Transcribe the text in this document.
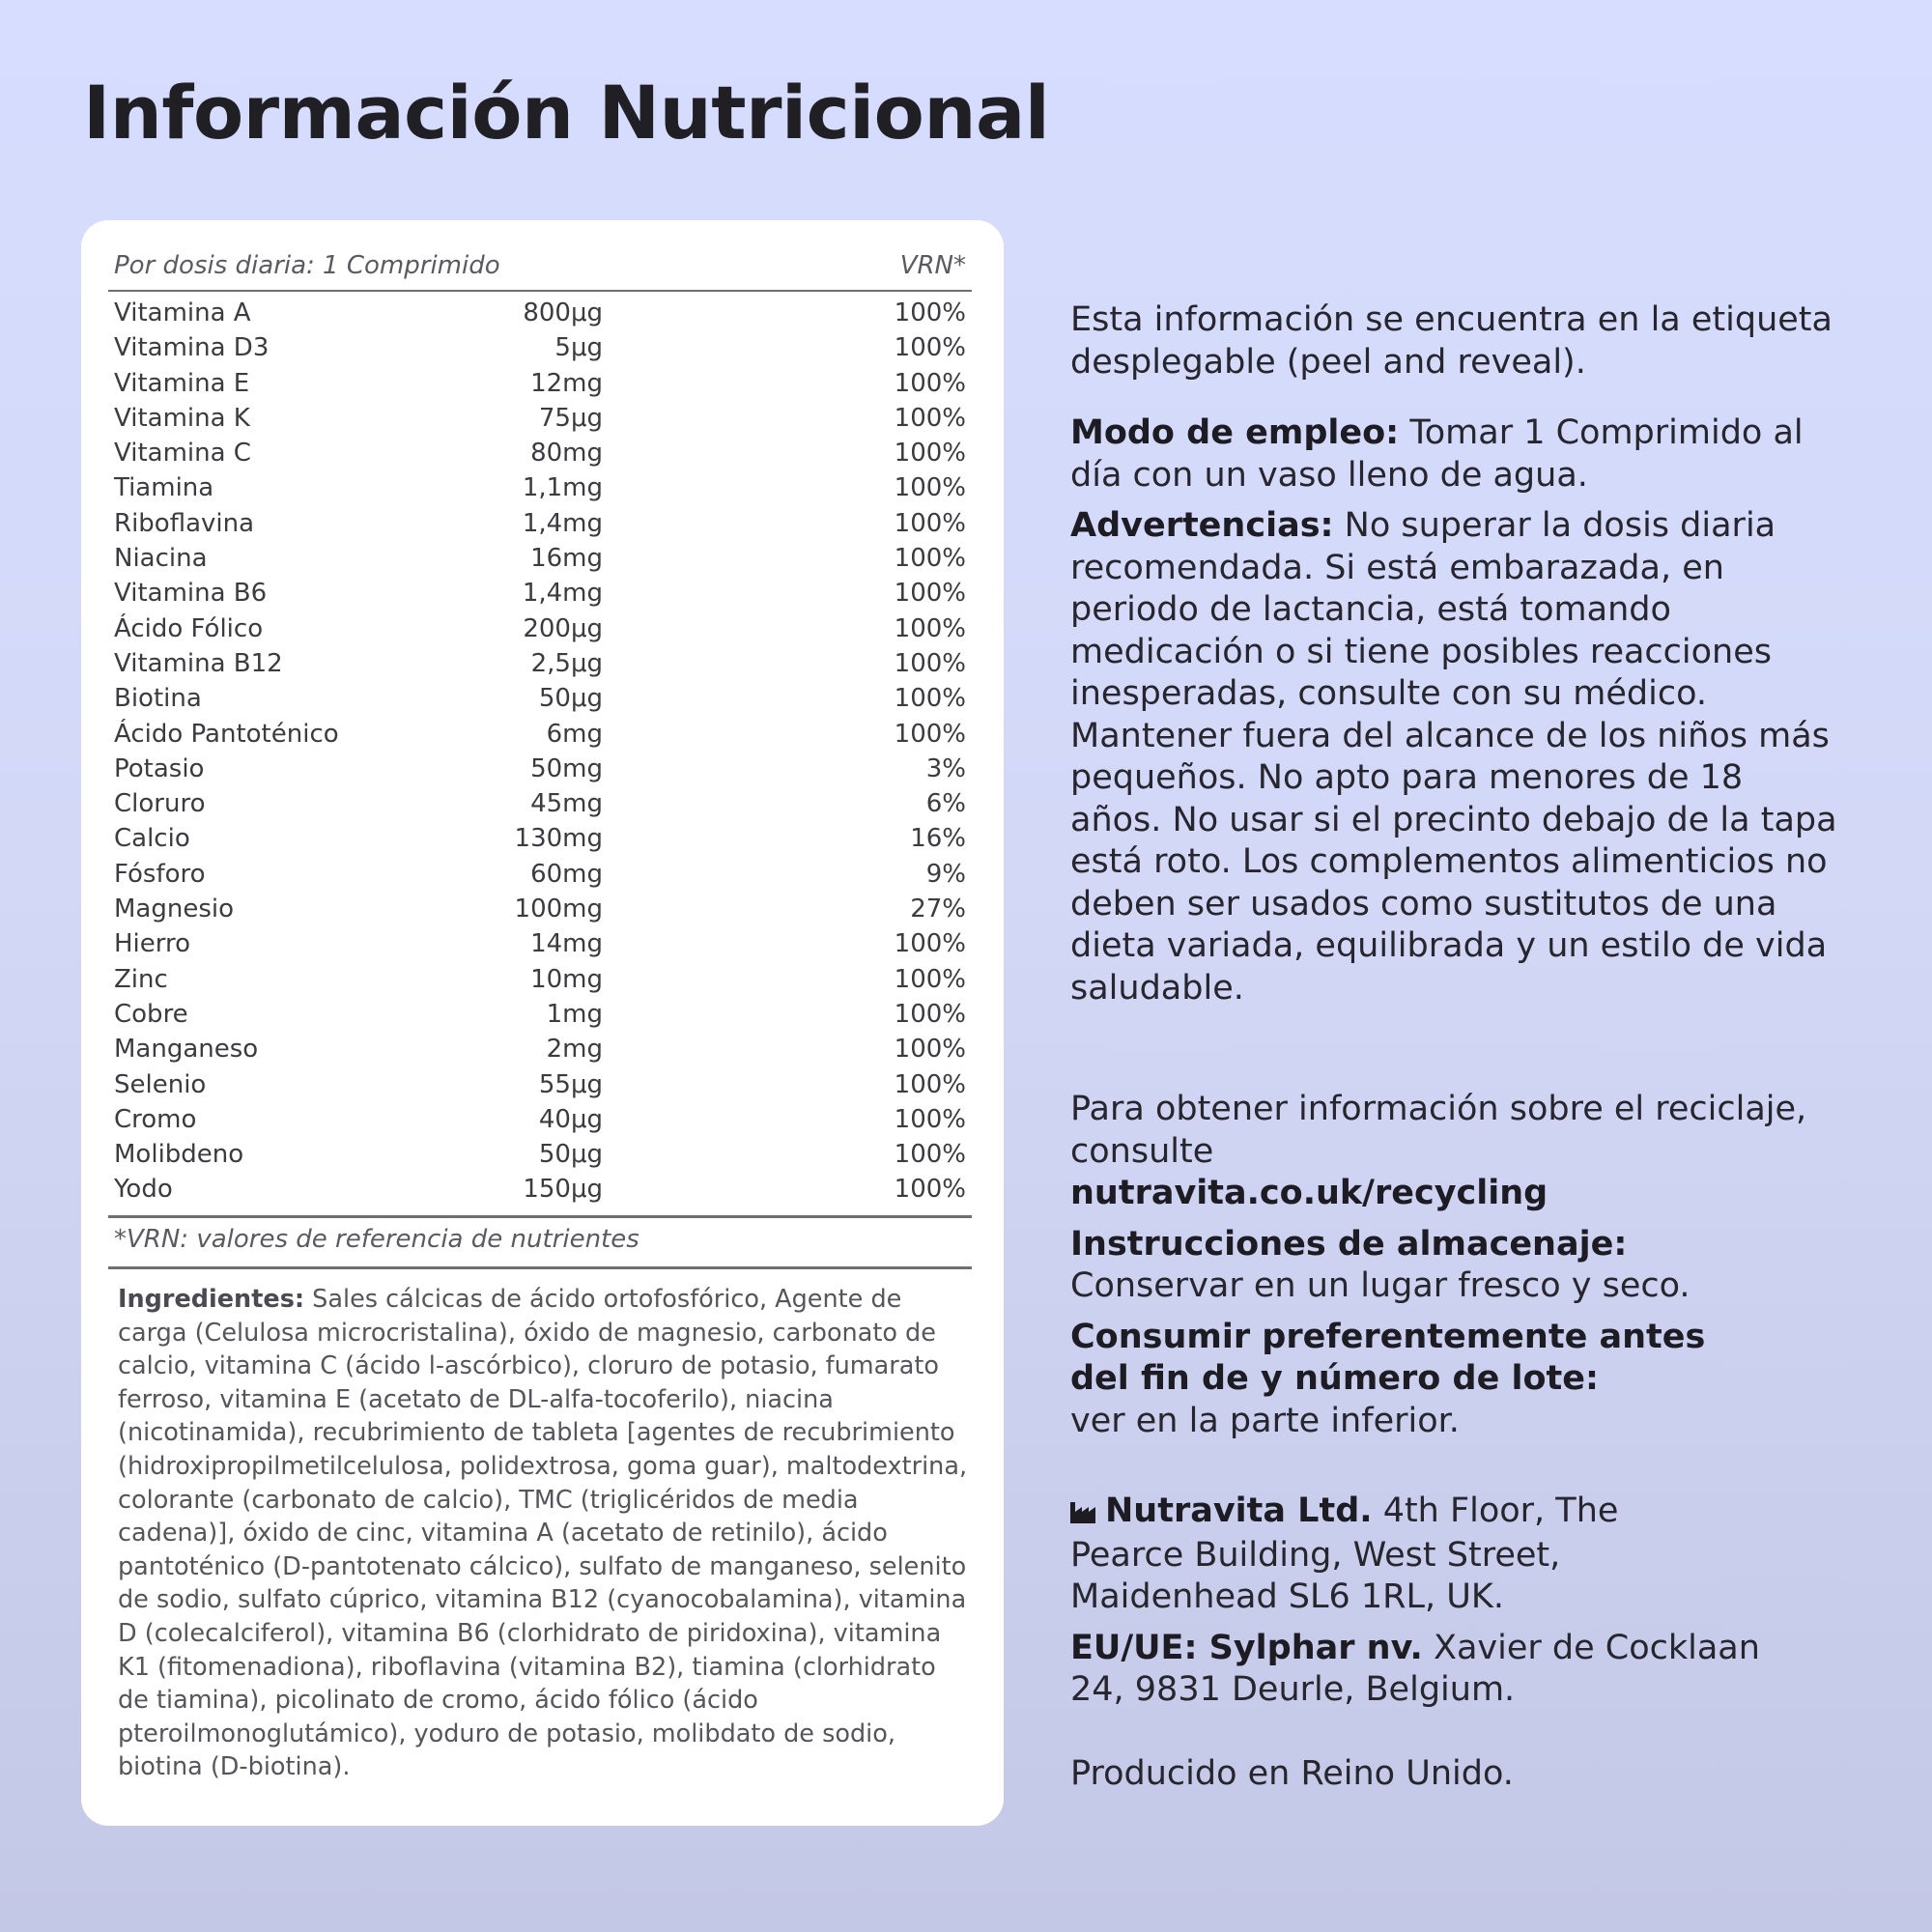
Información Nutricional
Por dosis diaria: 1 Comprimido	VRN*
Vitamina A	800μg	100%
Vitamina D3	5μg	100%
Vitamina E	12mg	100%
Vitamina K	75μg	100%
Vitamina C	80mg	100%
Tiamina	1,1mg	100%
Riboflavina	1,4mg	100%
Niacina	16mg	100%
Vitamina B6	1,4mg	100%
Ácido Fólico	200μg	100%
Vitamina B12	2,5μg	100%
Biotina	50μg	100%
Ácido Pantoténico	6mg	100%
Potasio	50mg	3%
Cloruro	45mg	6%
Calcio	130mg	16%
Fósforo	60mg	9%
Magnesio	100mg	27%
Hierro	14mg	100%
Zinc	10mg	100%
Cobre	1mg	100%
Manganeso	2mg	100%
Selenio	55μg	100%
Cromo	40μg	100%
Molibdeno	50μg	100%
Yodo	150μg	100%
*VRN: valores de referencia de nutrientes

Ingredientes: Sales cálcicas de ácido ortofosfórico, Agente de carga (Celulosa microcristalina), óxido de magnesio, carbonato de calcio, vitamina C (ácido l-ascórbico), cloruro de potasio, fumarato ferroso, vitamina E (acetato de DL-alfa-tocoferilo), niacina (nicotinamida), recubrimiento de tableta [agentes de recubrimiento (hidroxipropilmetilcelulosa, polidextrosa, goma guar), maltodextrina, colorante (carbonato de calcio), TMC (triglicéridos de media cadena)], óxido de cinc, vitamina A (acetato de retinilo), ácido pantoténico (D-pantotenato cálcico), sulfato de manganeso, selenito de sodio, sulfato cúprico, vitamina B12 (cyanocobalamina), vitamina D (colecalciferol), vitamina B6 (clorhidrato de piridoxina), vitamina K1 (fitomenadiona), riboflavina (vitamina B2), tiamina (clorhidrato de tiamina), picolinato de cromo, ácido fólico (ácido pteroilmonoglutámico), yoduro de potasio, molibdato de sodio, biotina (D-biotina).

Esta información se encuentra en la etiqueta desplegable (peel and reveal).

Modo de empleo: Tomar 1 Comprimido al día con un vaso lleno de agua.

Advertencias: No superar la dosis diaria recomendada. Si está embarazada, en periodo de lactancia, está tomando medicación o si tiene posibles reacciones inesperadas, consulte con su médico. Mantener fuera del alcance de los niños más pequeños. No apto para menores de 18 años. No usar si el precinto debajo de la tapa está roto. Los complementos alimenticios no deben ser usados como sustitutos de una dieta variada, equilibrada y un estilo de vida saludable.

Para obtener información sobre el reciclaje, consulte

nutravita.co.uk/recycling

Instrucciones de almacenaje:
Conservar en un lugar fresco y seco.

Consumir preferentemente antes del fin de y número de lote:
ver en la parte inferior.

Nutravita Ltd. 4th Floor, The Pearce Building, West Street, Maidenhead SL6 1RL, UK.

EU/UE: Sylphar nv. Xavier de Cocklaan 24, 9831 Deurle, Belgium.

Producido en Reino Unido.
